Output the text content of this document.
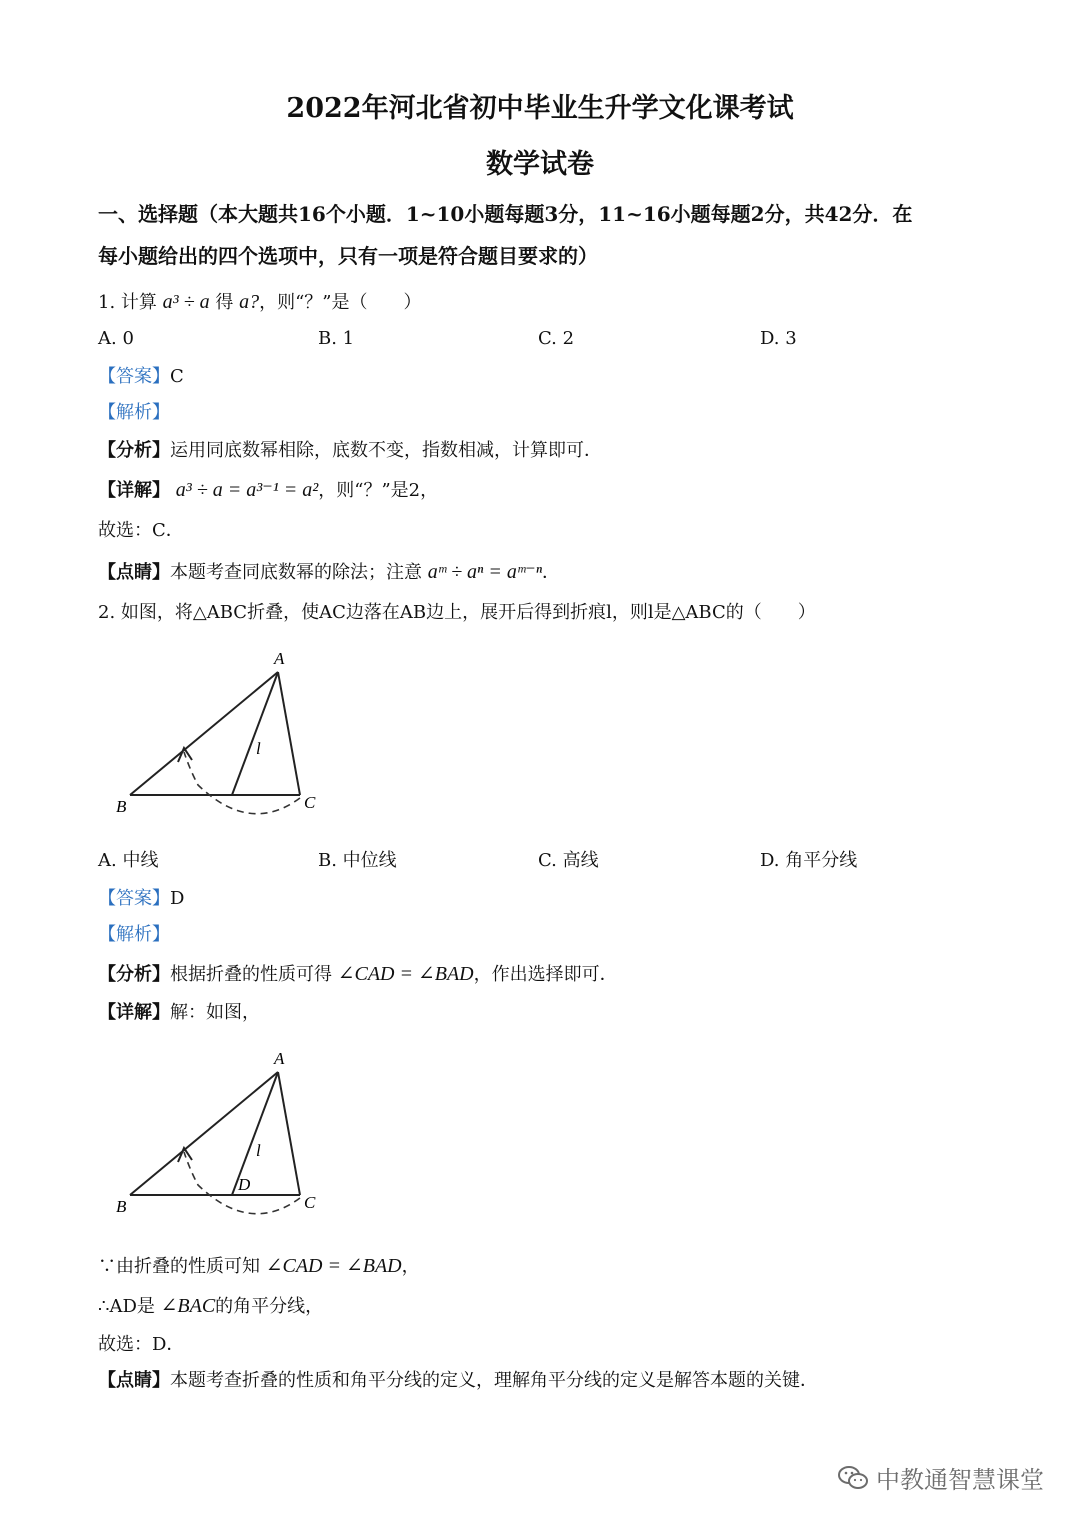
2022年河北省初中毕业生升学文化课考试
数学试卷
一、选择题（本大题共16个小题．1~10小题每题3分，11~16小题每题2分，共42分．在
每小题给出的四个选项中，只有一项是符合题目要求的）
1. 计算 a³ ÷ a 得 a?，则“？”是（　　）
A. 0	B. 1	C. 2	D. 3
【答案】C
【解析】
【分析】运用同底数幂相除，底数不变，指数相减，计算即可．
【详解】 a³ ÷ a = a³⁻¹ = a²，则“？”是2，
故选：C．
【点睛】本题考查同底数幂的除法；注意 aᵐ ÷ aⁿ = aᵐ⁻ⁿ．
2. 如图，将△ABC折叠，使AC边落在AB边上，展开后得到折痕l，则l是△ABC的（　　）
A
B	C
l
A. 中线	B. 中位线	C. 高线	D. 角平分线
【答案】D
【解析】
【分析】根据折叠的性质可得 ∠CAD = ∠BAD，作出选择即可．
【详解】解：如图，
A
B	C
D
l
∵由折叠的性质可知 ∠CAD = ∠BAD，
∴AD是 ∠BAC的角平分线，
故选：D．
【点睛】本题考查折叠的性质和角平分线的定义，理解角平分线的定义是解答本题的关键．
中教通智慧课堂
